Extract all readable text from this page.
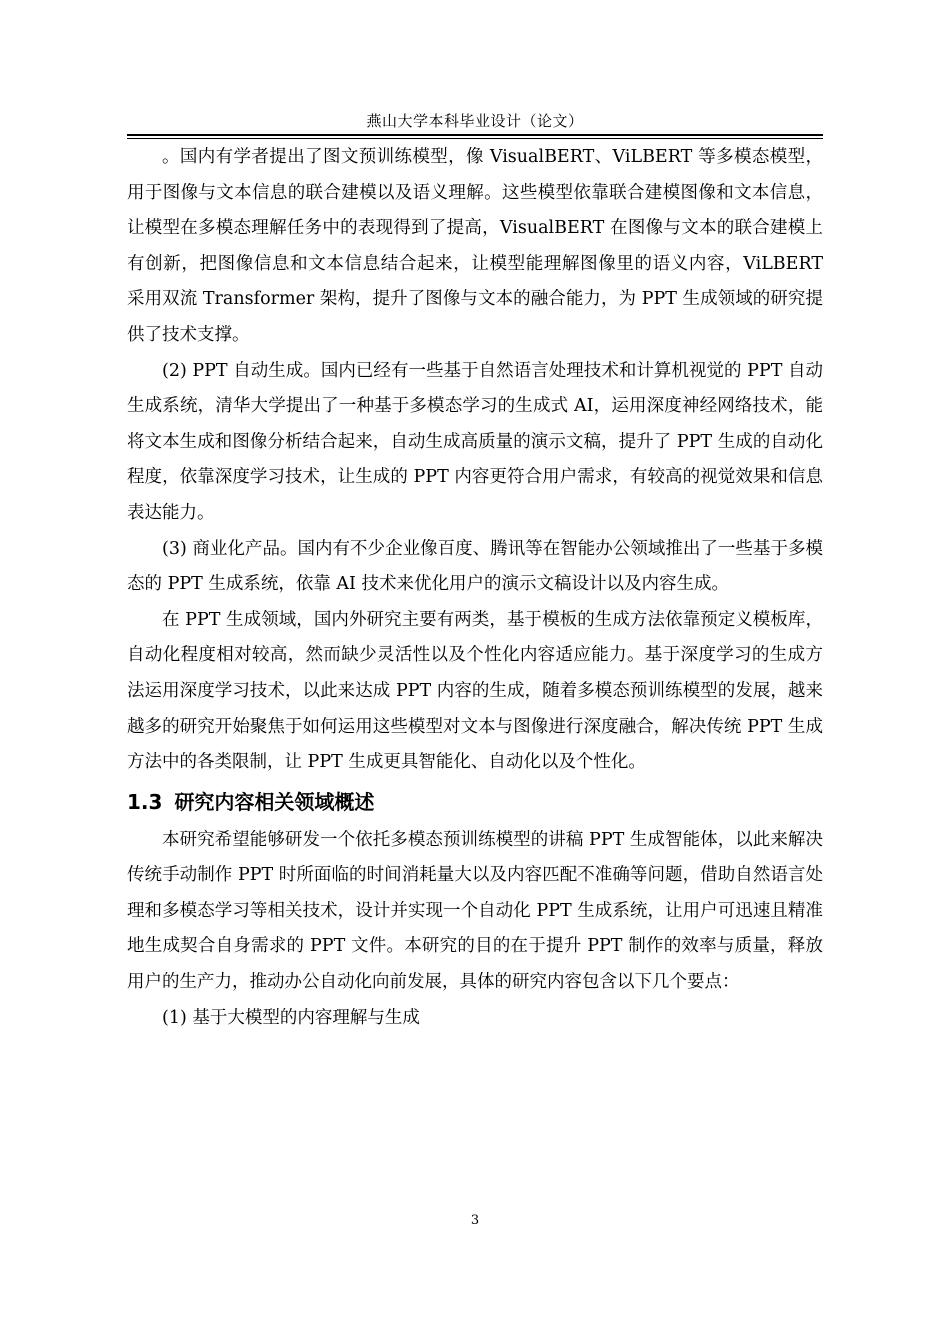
燕山大学本科毕业设计（论文）

。国内有学者提出了图文预训练模型，像 VisualBERT、ViLBERT 等多模态模型，用于图像与文本信息的联合建模以及语义理解。这些模型依靠联合建模图像和文本信息，让模型在多模态理解任务中的表现得到了提高，VisualBERT 在图像与文本的联合建模上有创新，把图像信息和文本信息结合起来，让模型能理解图像里的语义内容，ViLBERT 采用双流 Transformer 架构，提升了图像与文本的融合能力，为 PPT 生成领域的研究提供了技术支撑。

(2) PPT 自动生成。国内已经有一些基于自然语言处理技术和计算机视觉的 PPT 自动生成系统，清华大学提出了一种基于多模态学习的生成式 AI，运用深度神经网络技术，能将文本生成和图像分析结合起来，自动生成高质量的演示文稿，提升了 PPT 生成的自动化程度，依靠深度学习技术，让生成的 PPT 内容更符合用户需求，有较高的视觉效果和信息表达能力。

(3) 商业化产品。国内有不少企业像百度、腾讯等在智能办公领域推出了一些基于多模态的 PPT 生成系统，依靠 AI 技术来优化用户的演示文稿设计以及内容生成。

在 PPT 生成领域，国内外研究主要有两类，基于模板的生成方法依靠预定义模板库，自动化程度相对较高，然而缺少灵活性以及个性化内容适应能力。基于深度学习的生成方法运用深度学习技术，以此来达成 PPT 内容的生成，随着多模态预训练模型的发展，越来越多的研究开始聚焦于如何运用这些模型对文本与图像进行深度融合，解决传统 PPT 生成方法中的各类限制，让 PPT 生成更具智能化、自动化以及个性化。

1.3 研究内容相关领域概述

本研究希望能够研发一个依托多模态预训练模型的讲稿 PPT 生成智能体，以此来解决传统手动制作 PPT 时所面临的时间消耗量大以及内容匹配不准确等问题，借助自然语言处理和多模态学习等相关技术，设计并实现一个自动化 PPT 生成系统，让用户可迅速且精准地生成契合自身需求的 PPT 文件。本研究的目的在于提升 PPT 制作的效率与质量，释放用户的生产力，推动办公自动化向前发展，具体的研究内容包含以下几个要点：

(1) 基于大模型的内容理解与生成

3
